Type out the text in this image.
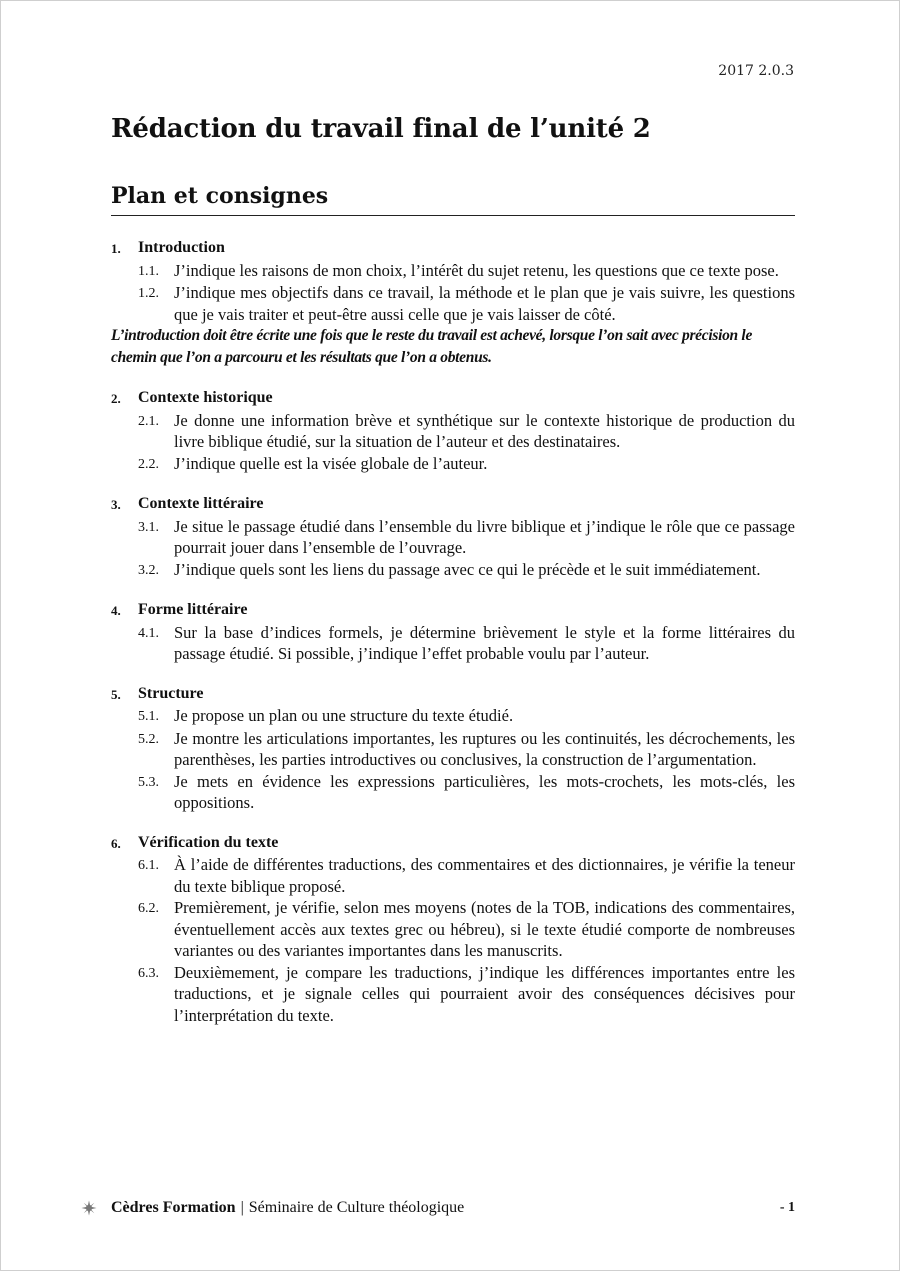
2017 2.0.3
Rédaction du travail final de l’unité 2
Plan et consignes
1.	Introduction
1.1. J’indique les raisons de mon choix, l’intérêt du sujet retenu, les questions que ce texte pose.
1.2. J’indique mes objectifs dans ce travail, la méthode et le plan que je vais suivre, les questions que je vais traiter et peut-être aussi celle que je vais laisser de côté.
L’introduction doit être écrite une fois que le reste du travail est achevé, lorsque l’on sait avec précision le chemin que l’on a parcouru et les résultats que l’on a obtenus.
2.	Contexte historique
2.1. Je donne une information brève et synthétique sur le contexte historique de production du livre biblique étudié, sur la situation de l’auteur et des destinataires.
2.2. J’indique quelle est la visée globale de l’auteur.
3.	Contexte littéraire
3.1. Je situe le passage étudié dans l’ensemble du livre biblique et j’indique le rôle que ce passage pourrait jouer dans l’ensemble de l’ouvrage.
3.2. J’indique quels sont les liens du passage avec ce qui le précède et le suit immédiatement.
4.	Forme littéraire
4.1. Sur la base d’indices formels, je détermine brièvement le style et la forme littéraires du passage étudié. Si possible, j’indique l’effet probable voulu par l’auteur.
5.	Structure
5.1. Je propose un plan ou une structure du texte étudié.
5.2. Je montre les articulations importantes, les ruptures ou les continuités, les décrochements, les parenthèses, les parties introductives ou conclusives, la construction de l’argumentation.
5.3. Je mets en évidence les expressions particulières, les mots-crochets, les mots-clés, les oppositions.
6.	Vérification du texte
6.1. À l’aide de différentes traductions, des commentaires et des dictionnaires, je vérifie la teneur du texte biblique proposé.
6.2. Premièrement, je vérifie, selon mes moyens (notes de la TOB, indications des commentaires, éventuellement accès aux textes grec ou hébreu), si le texte étudié comporte de nombreuses variantes ou des variantes importantes dans les manuscrits.
6.3. Deuxièmement, je compare les traductions, j’indique les différences importantes entre les traductions, et je signale celles qui pourraient avoir des conséquences décisives pour l’interprétation du texte.
Cèdres Formation | Séminaire de Culture théologique	- 1
